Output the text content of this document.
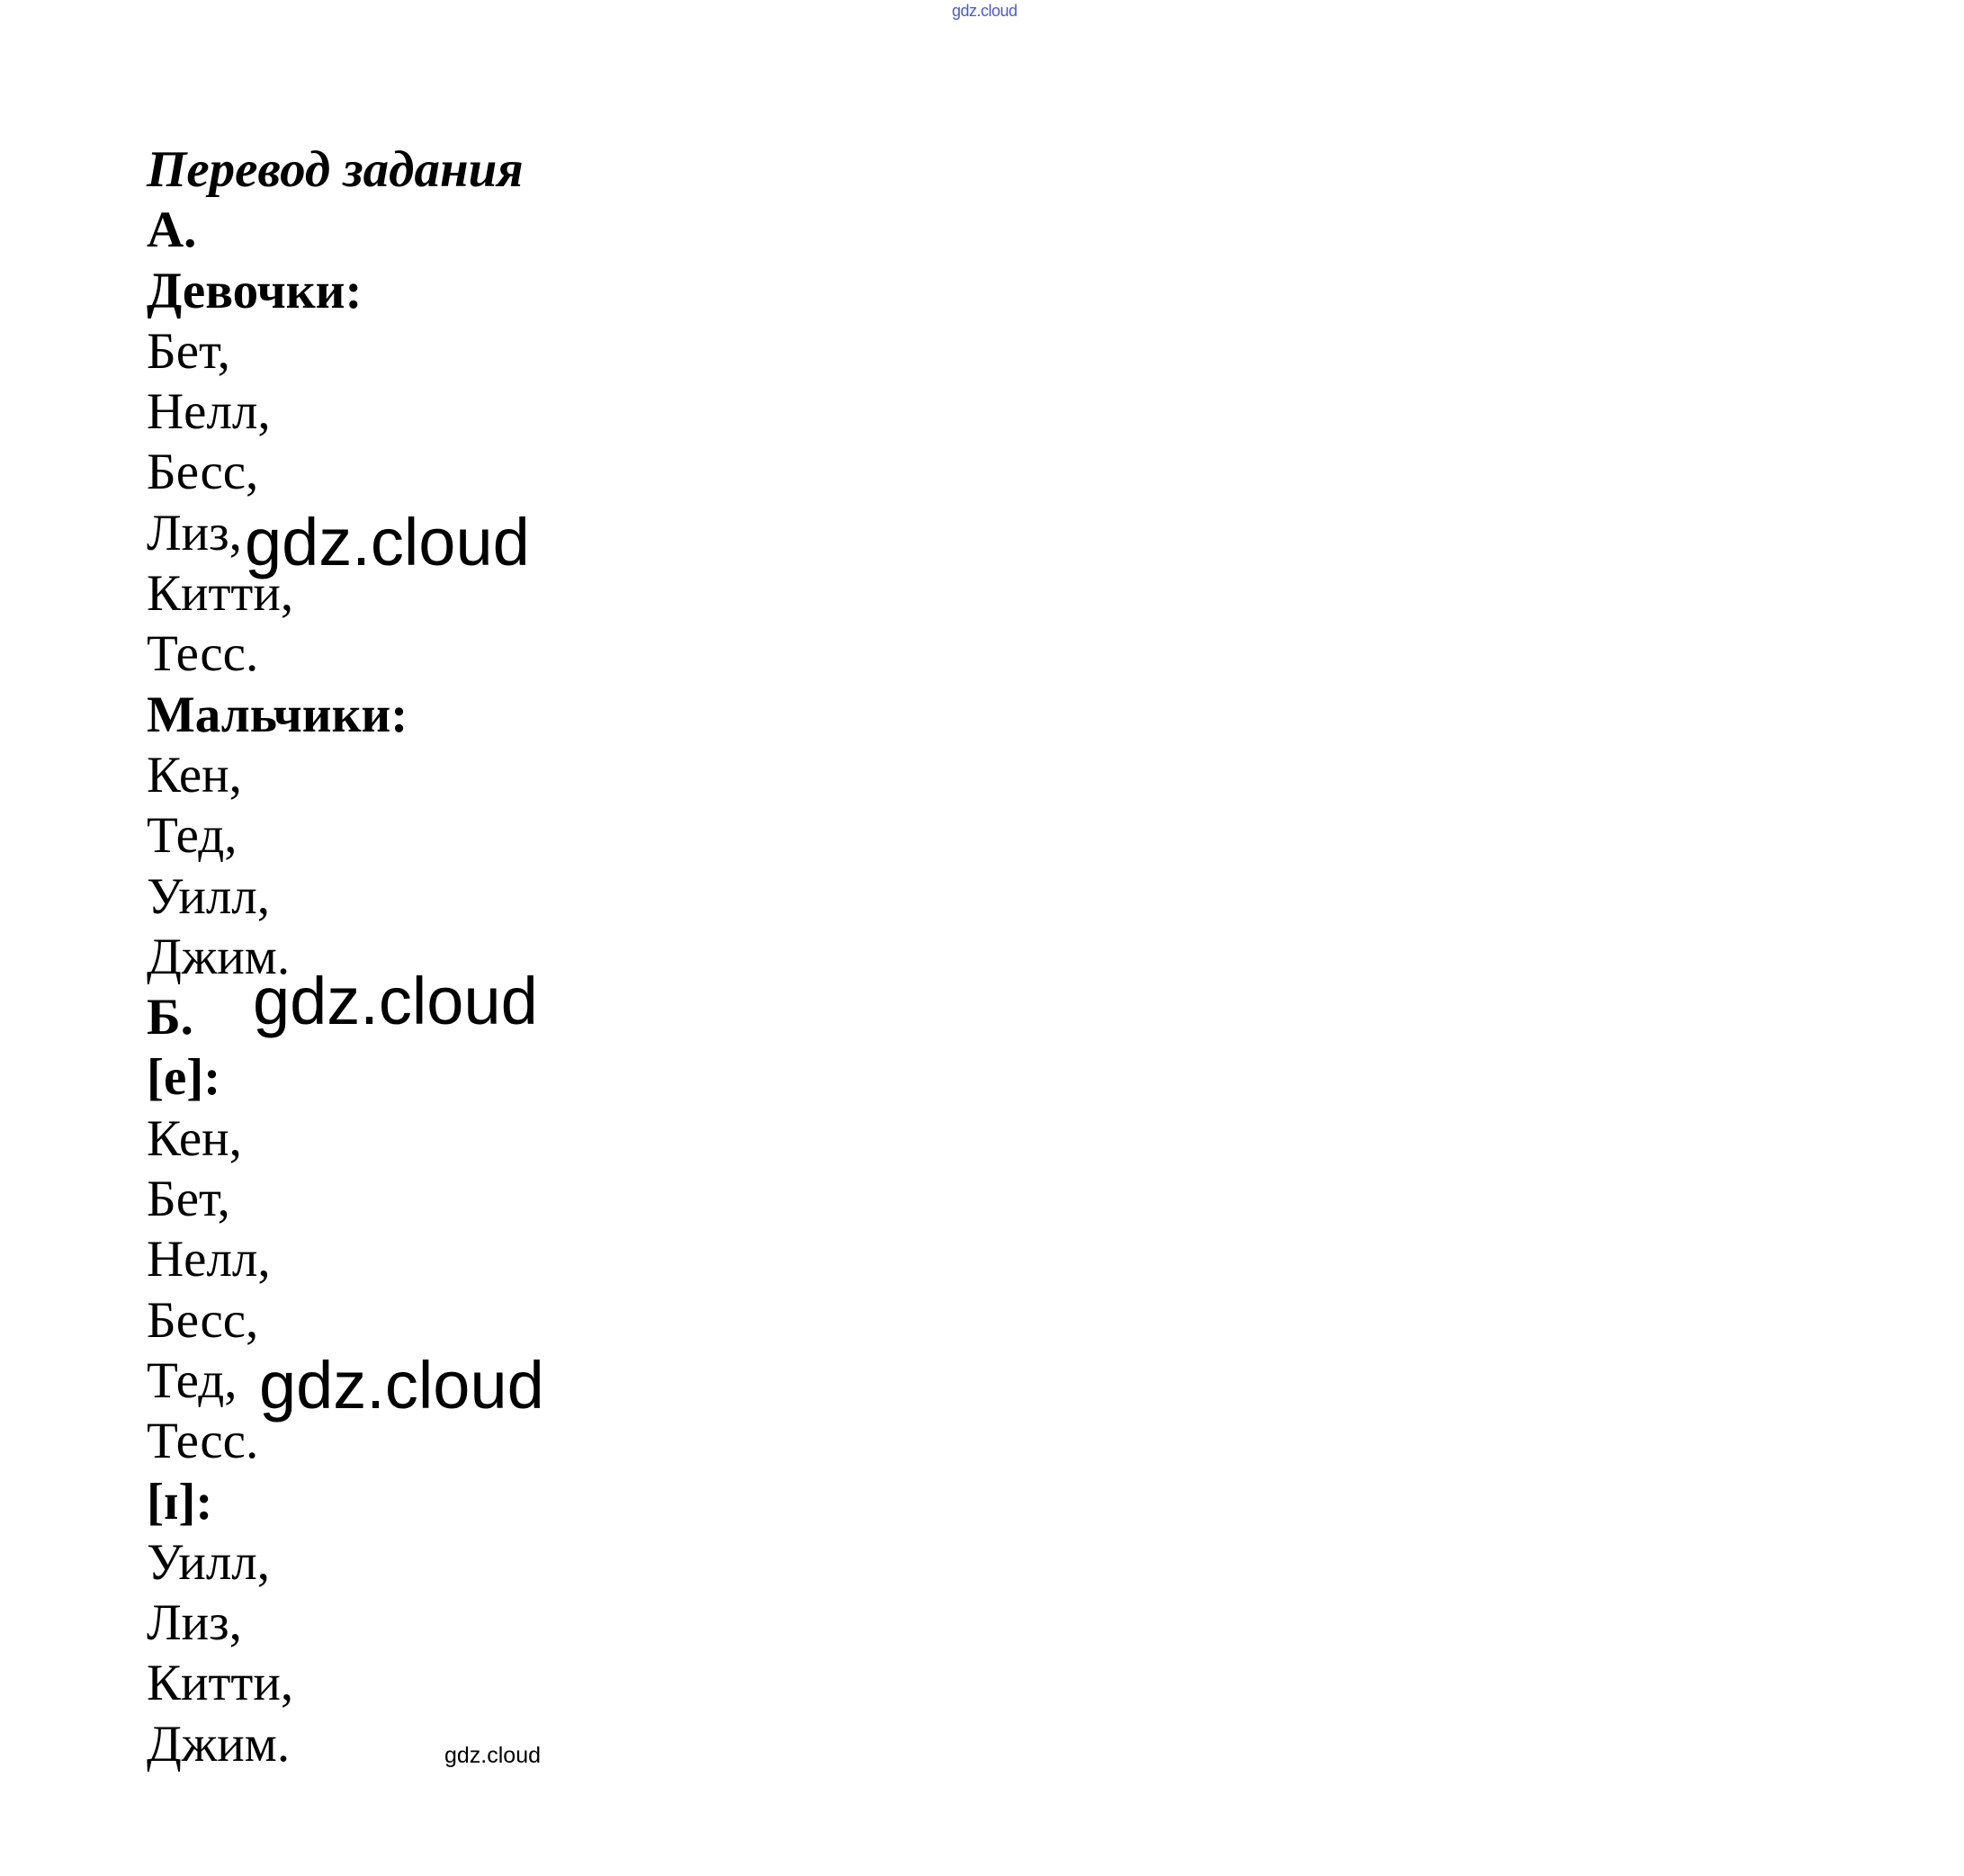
gdz.cloud
Перевод задания
А.
Девочки:
Бет,
Нелл,
Бесс,
Лиз,
Китти,
Тесс.
Мальчики:
Кен,
Тед,
Уилл,
Джим.
Б.
[e]:
Кен,
Бет,
Нелл,
Бесс,
Тед,
Тесс.
[ɪ]:
Уилл,
Лиз,
Китти,
Джим.
gdz.cloud
gdz.cloud
gdz.cloud
gdz.cloud
